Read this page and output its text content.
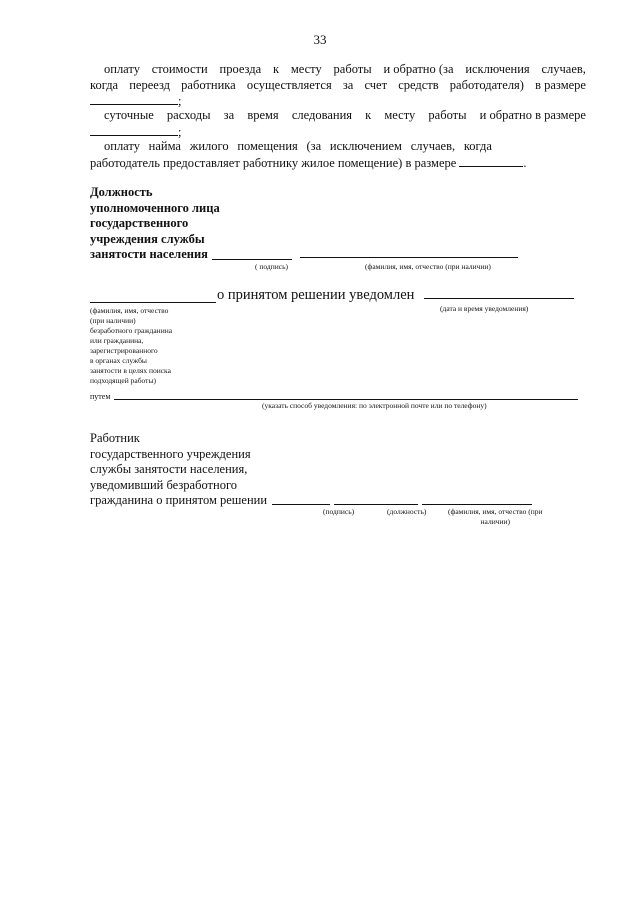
33
оплату стоимости проезда к месту работы и обратно (за исключения случаев,
когда переезд работника осуществляется за счет средств работодателя) в размере
;
суточные расходы за время следования к месту работы и обратно в размере
;
оплату найма жилого помещения (за исключением случаев, когда
работодатель предоставляет работнику жилое помещение) в размере	.
Должность
уполномоченного лица
государственного
учреждения службы
занятости населения
( подпись)	(фамилия, имя, отчество (при наличии)
о принятом решении уведомлен
(дата и время уведомления)
(фамилия, имя, отчество
(при наличии)
безработного гражданина
или гражданина,
зарегистрированного
в органах службы
занятости в целях поиска
подходящей работы)
путем
(указать способ уведомления: по электронной почте или по телефону)
Работник
государственного учреждения
службы занятости населения,
уведомивший безработного
гражданина о принятом решении
(подпись)	(должность)	(фамилия, имя, отчество (при
наличии)
